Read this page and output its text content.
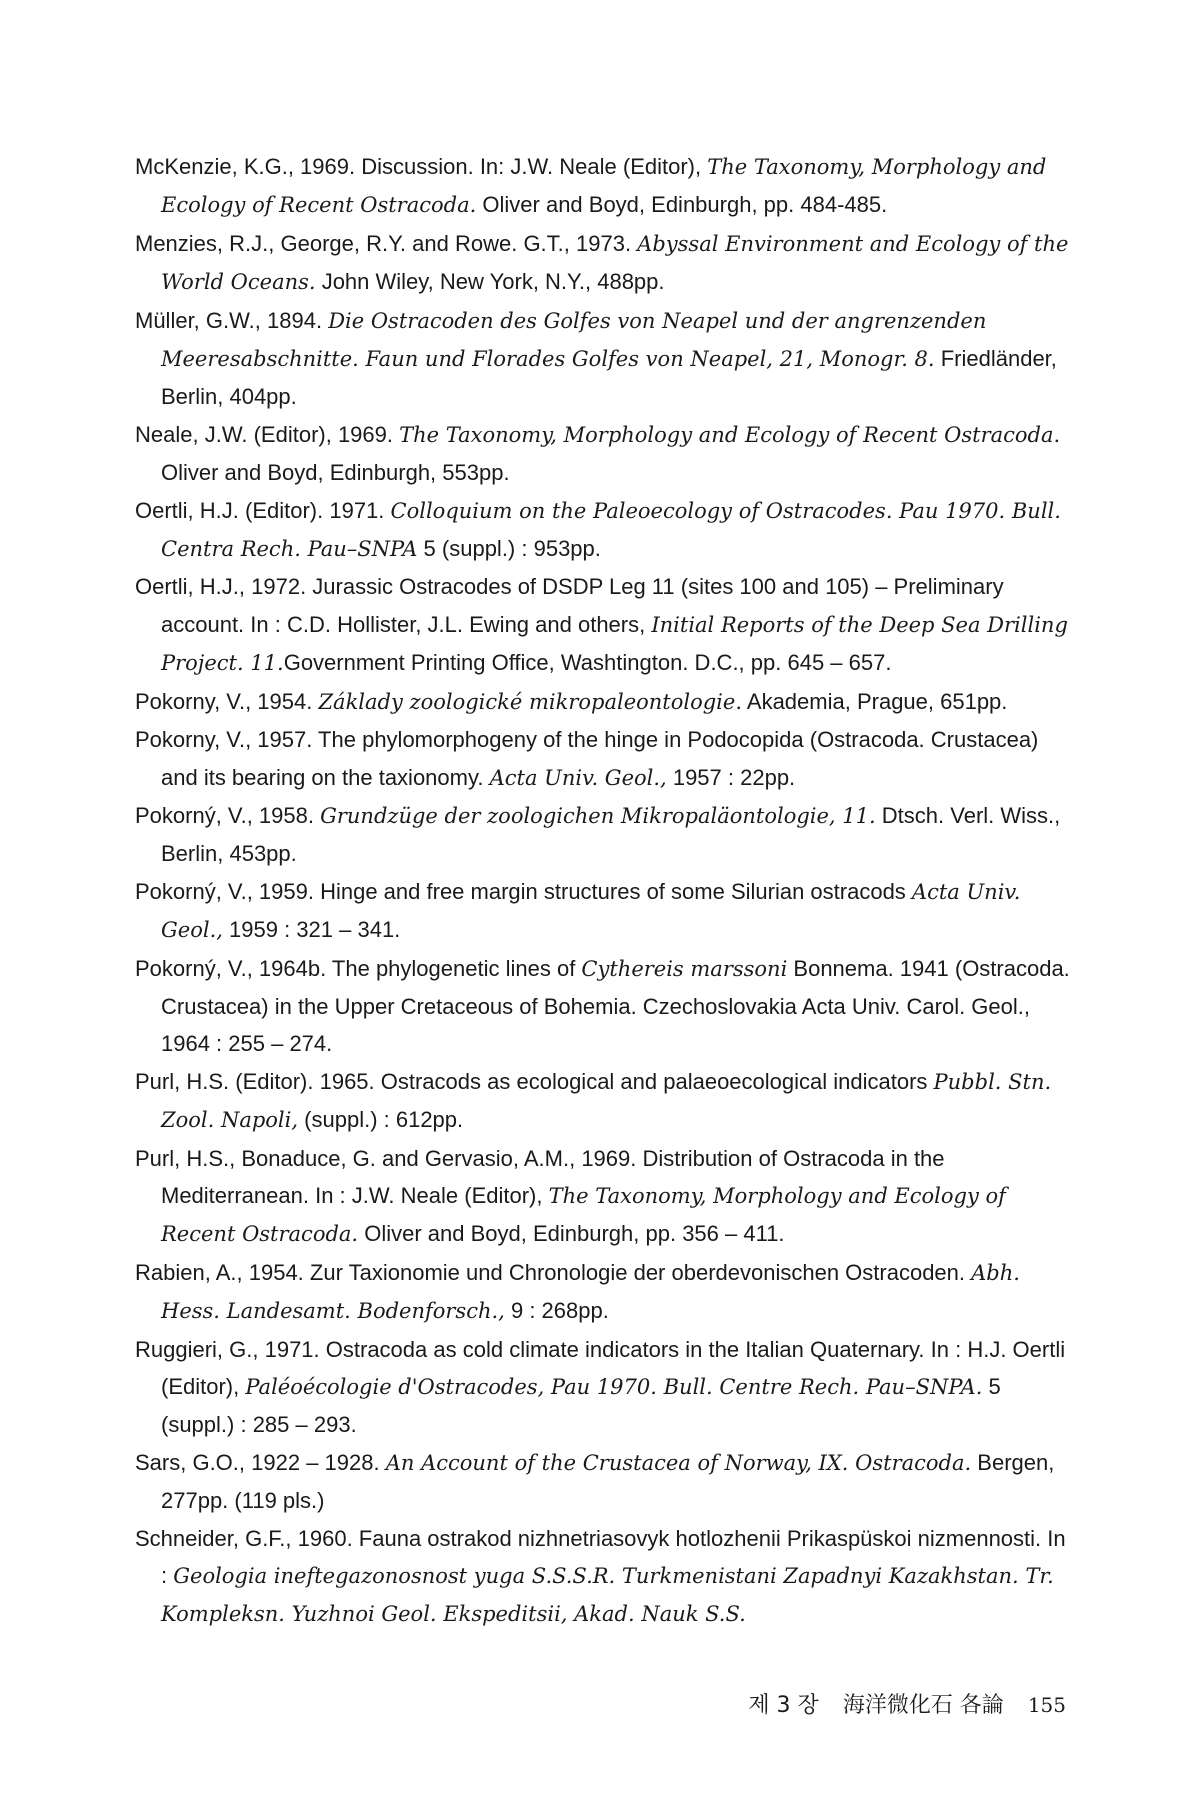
McKenzie, K.G., 1969. Discussion. In: J.W. Neale (Editor), The Taxonomy, Morphology and Ecology of Recent Ostracoda. Oliver and Boyd, Edinburgh, pp. 484-485.
Menzies, R.J., George, R.Y. and Rowe. G.T., 1973. Abyssal Environment and Ecology of the World Oceans. John Wiley, New York, N.Y., 488pp.
Müller, G.W., 1894. Die Ostracoden des Golfes von Neapel und der angrenzenden Meeresabschnitte. Faun und Florades Golfes von Neapel, 21, Monogr. 8. Friedländer, Berlin, 404pp.
Neale, J.W. (Editor), 1969. The Taxonomy, Morphology and Ecology of Recent Ostracoda. Oliver and Boyd, Edinburgh, 553pp.
Oertli, H.J. (Editor). 1971. Colloquium on the Paleoecology of Ostracodes. Pau 1970. Bull. Centra Rech. Pau–SNPA 5 (suppl.) : 953pp.
Oertli, H.J., 1972. Jurassic Ostracodes of DSDP Leg 11 (sites 100 and 105) – Preliminary account. In : C.D. Hollister, J.L. Ewing and others, Initial Reports of the Deep Sea Drilling Project. 11.Government Printing Office, Washtington. D.C., pp. 645 – 657.
Pokorny, V., 1954. Základy zoologické mikropaleontologie. Akademia, Prague, 651pp.
Pokorny, V., 1957. The phylomorphogeny of the hinge in Podocopida (Ostracoda. Crustacea) and its bearing on the taxionomy. Acta Univ. Geol., 1957 : 22pp.
Pokorný, V., 1958. Grundzüge der zoologichen Mikropaläontologie, 11. Dtsch. Verl. Wiss., Berlin, 453pp.
Pokorný, V., 1959. Hinge and free margin structures of some Silurian ostracods Acta Univ. Geol., 1959 : 321 – 341.
Pokorný, V., 1964b. The phylogenetic lines of Cythereis marssoni Bonnema. 1941 (Ostracoda. Crustacea) in the Upper Cretaceous of Bohemia. Czechoslovakia Acta Univ. Carol. Geol., 1964 : 255 – 274.
Purl, H.S. (Editor). 1965. Ostracods as ecological and palaeoecological indicators Pubbl. Stn. Zool. Napoli, (suppl.) : 612pp.
Purl, H.S., Bonaduce, G. and Gervasio, A.M., 1969. Distribution of Ostracoda in the Mediterranean. In : J.W. Neale (Editor), The Taxonomy, Morphology and Ecology of Recent Ostracoda. Oliver and Boyd, Edinburgh, pp. 356 – 411.
Rabien, A., 1954. Zur Taxionomie und Chronologie der oberdevonischen Ostracoden. Abh. Hess. Landesamt. Bodenforsch., 9 : 268pp.
Ruggieri, G., 1971. Ostracoda as cold climate indicators in the Italian Quaternary. In : H.J. Oertli (Editor), Paléoécologie d'Ostracodes, Pau 1970. Bull. Centre Rech. Pau–SNPA. 5 (suppl.) : 285 – 293.
Sars, G.O., 1922 – 1928. An Account of the Crustacea of Norway, IX. Ostracoda. Bergen, 277pp. (119 pls.)
Schneider, G.F., 1960. Fauna ostrakod nizhnetriasovyk hotlozhenii Prikaspüskoi nizmennosti. In : Geologia ineftegazonosnost yuga S.S.S.R. Turkmenistani Zapadnyi Kazakhstan. Tr. Kompleksn. Yuzhnoi Geol. Ekspeditsii, Akad. Nauk S.S.
제 3 장 海洋微化石 各論 155
